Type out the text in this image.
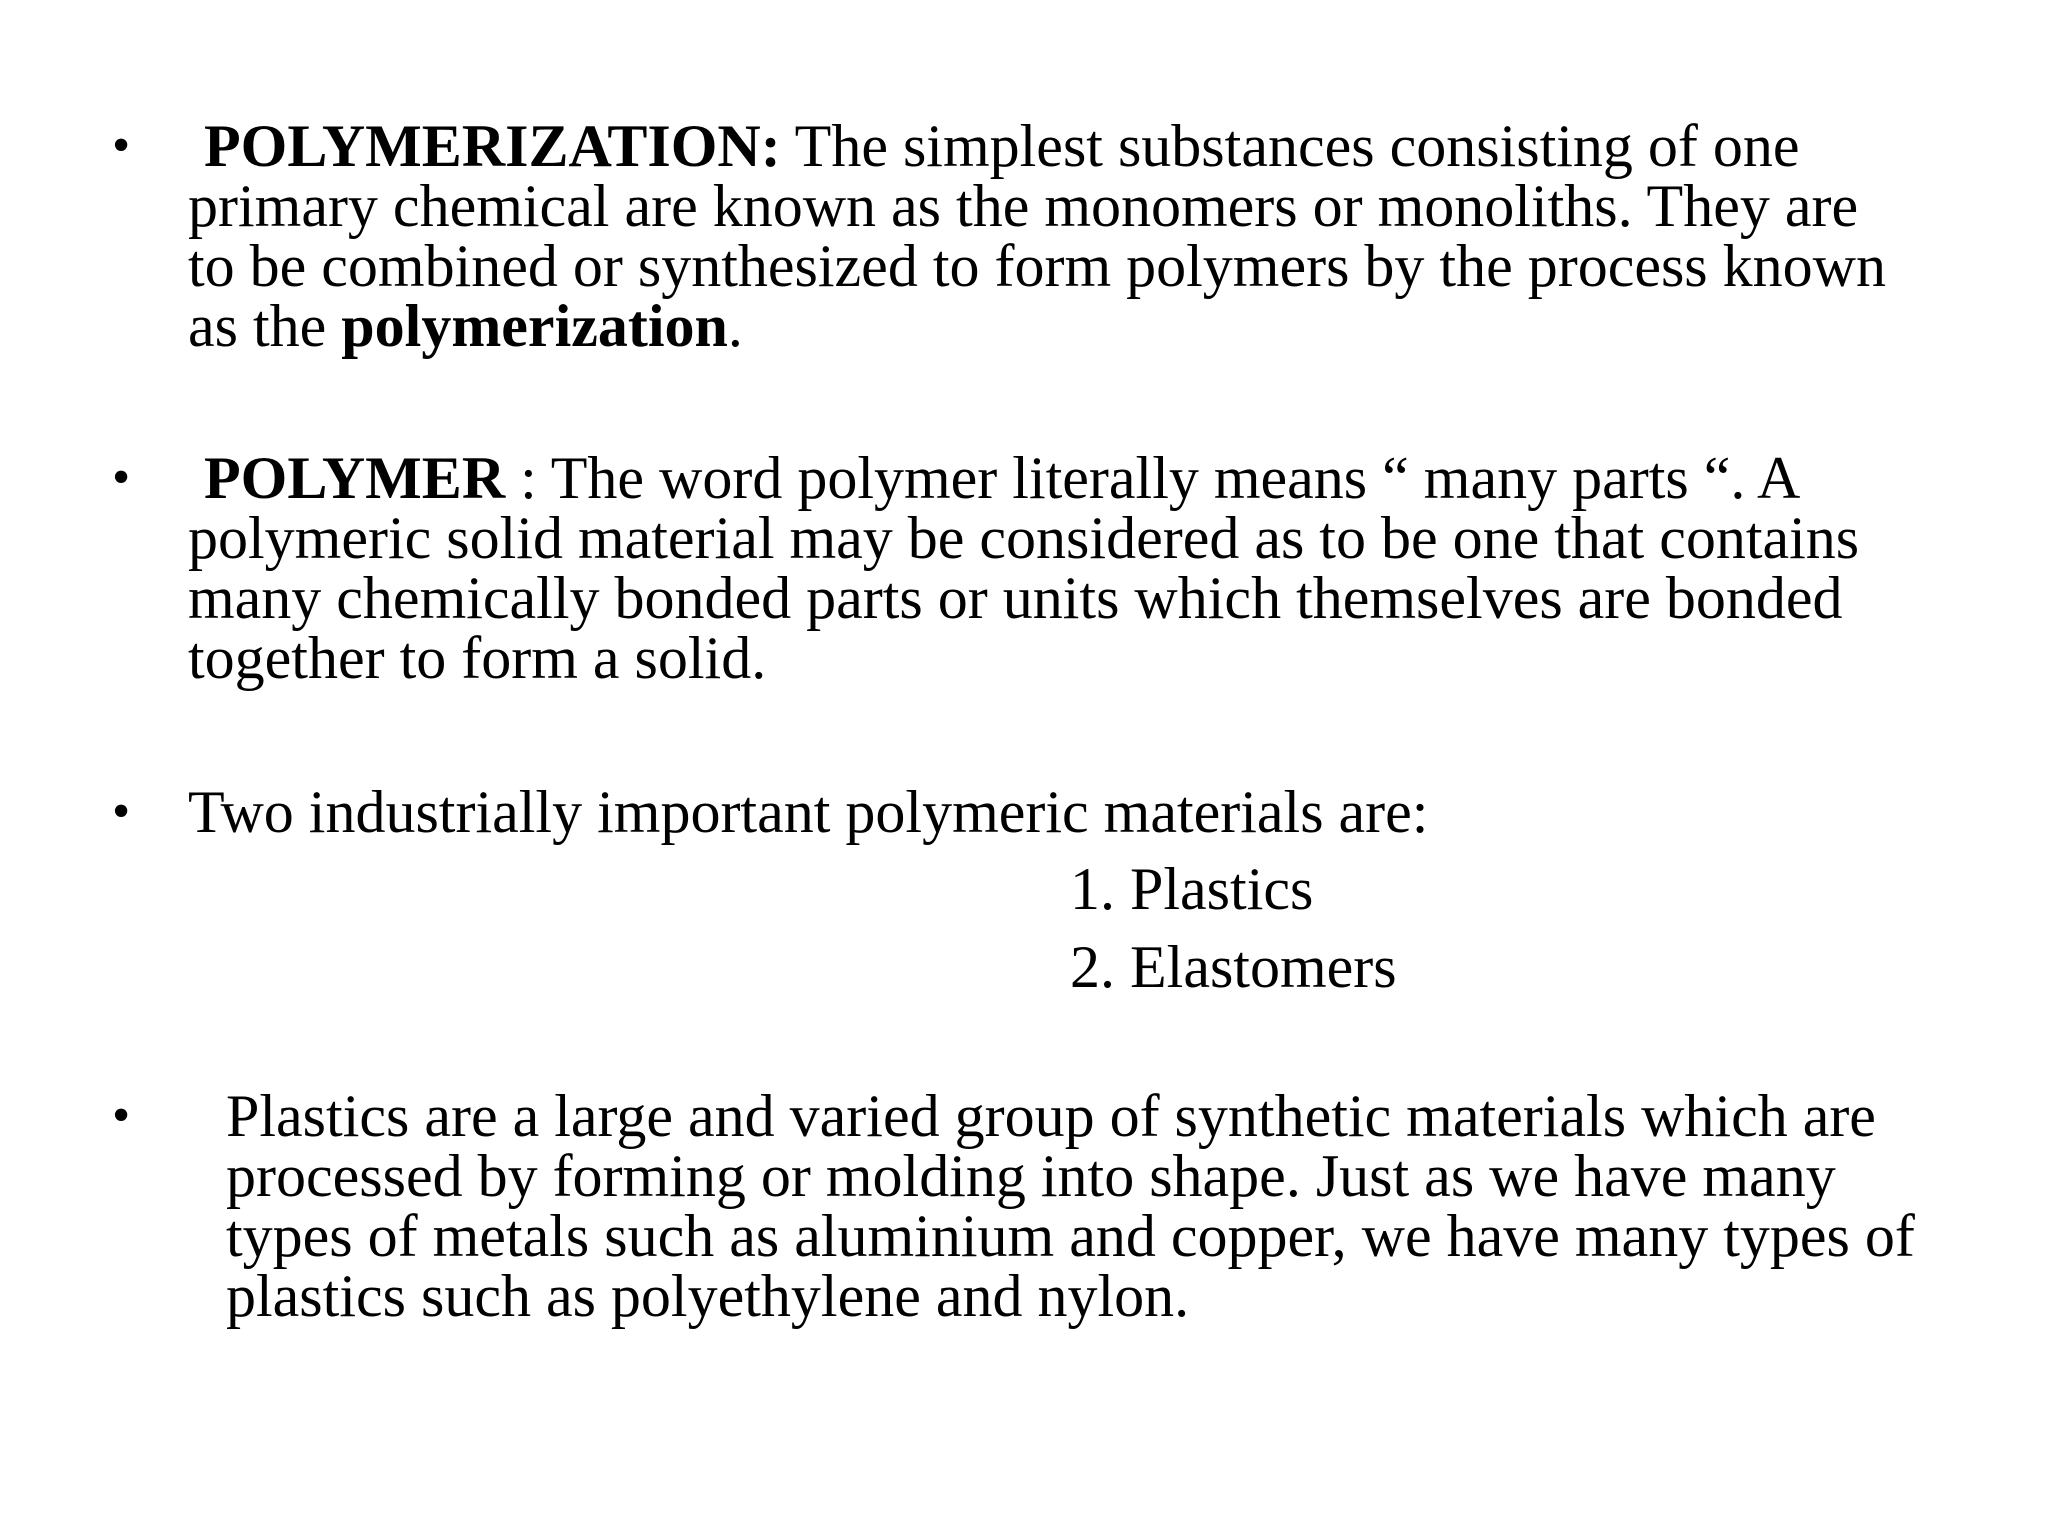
• POLYMERIZATION: The simplest substances consisting of one primary chemical are known as the monomers or monoliths. They are to be combined or synthesized to form polymers by the process known as the polymerization.
• POLYMER : The word polymer literally means “ many parts “. A polymeric solid material may be considered as to be one that contains many chemically bonded parts or units which themselves are bonded together to form a solid.
• Two industrially important polymeric materials are:
1. Plastics
2. Elastomers
• Plastics are a large and varied group of synthetic materials which are processed by forming or molding into shape. Just as we have many types of metals such as aluminium and copper, we have many types of plastics such as polyethylene and nylon.
